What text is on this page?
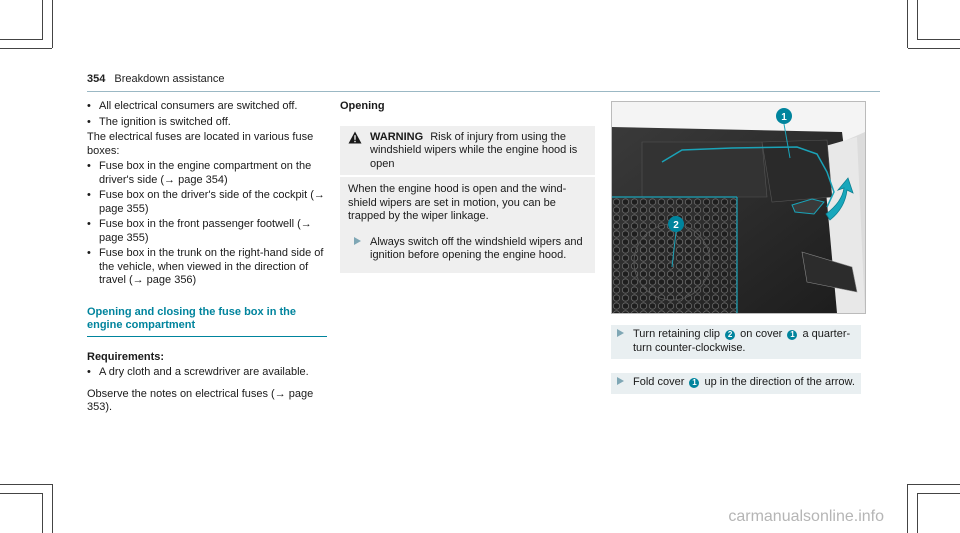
354 Breakdown assistance
• All electrical consumers are switched off.
• The ignition is switched off.

The electrical fuses are located in various fuse boxes:

• Fuse box in the engine compartment on the driver's side (→ page 354)
• Fuse box on the driver's side of the cockpit (→ page 355)
• Fuse box in the front passenger footwell (→ page 355)
• Fuse box in the trunk on the right-hand side of the vehicle, when viewed in the direction of travel (→ page 356)
Opening and closing the fuse box in the engine compartment
Requirements:
• A dry cloth and a screwdriver are available.

Observe the notes on electrical fuses (→ page 353).

Opening
WARNING Risk of injury from using the windshield wipers while the engine hood is open
When the engine hood is open and the wind-shield wipers are set in motion, you can be trapped by the wiper linkage.
Always switch off the windshield wipers and ignition before opening the engine hood.
1
2
Turn retaining clip 2 on cover 1 a quarter-turn counter-clockwise.
Fold cover 1 up in the direction of the arrow.
carmanualsonline.info
